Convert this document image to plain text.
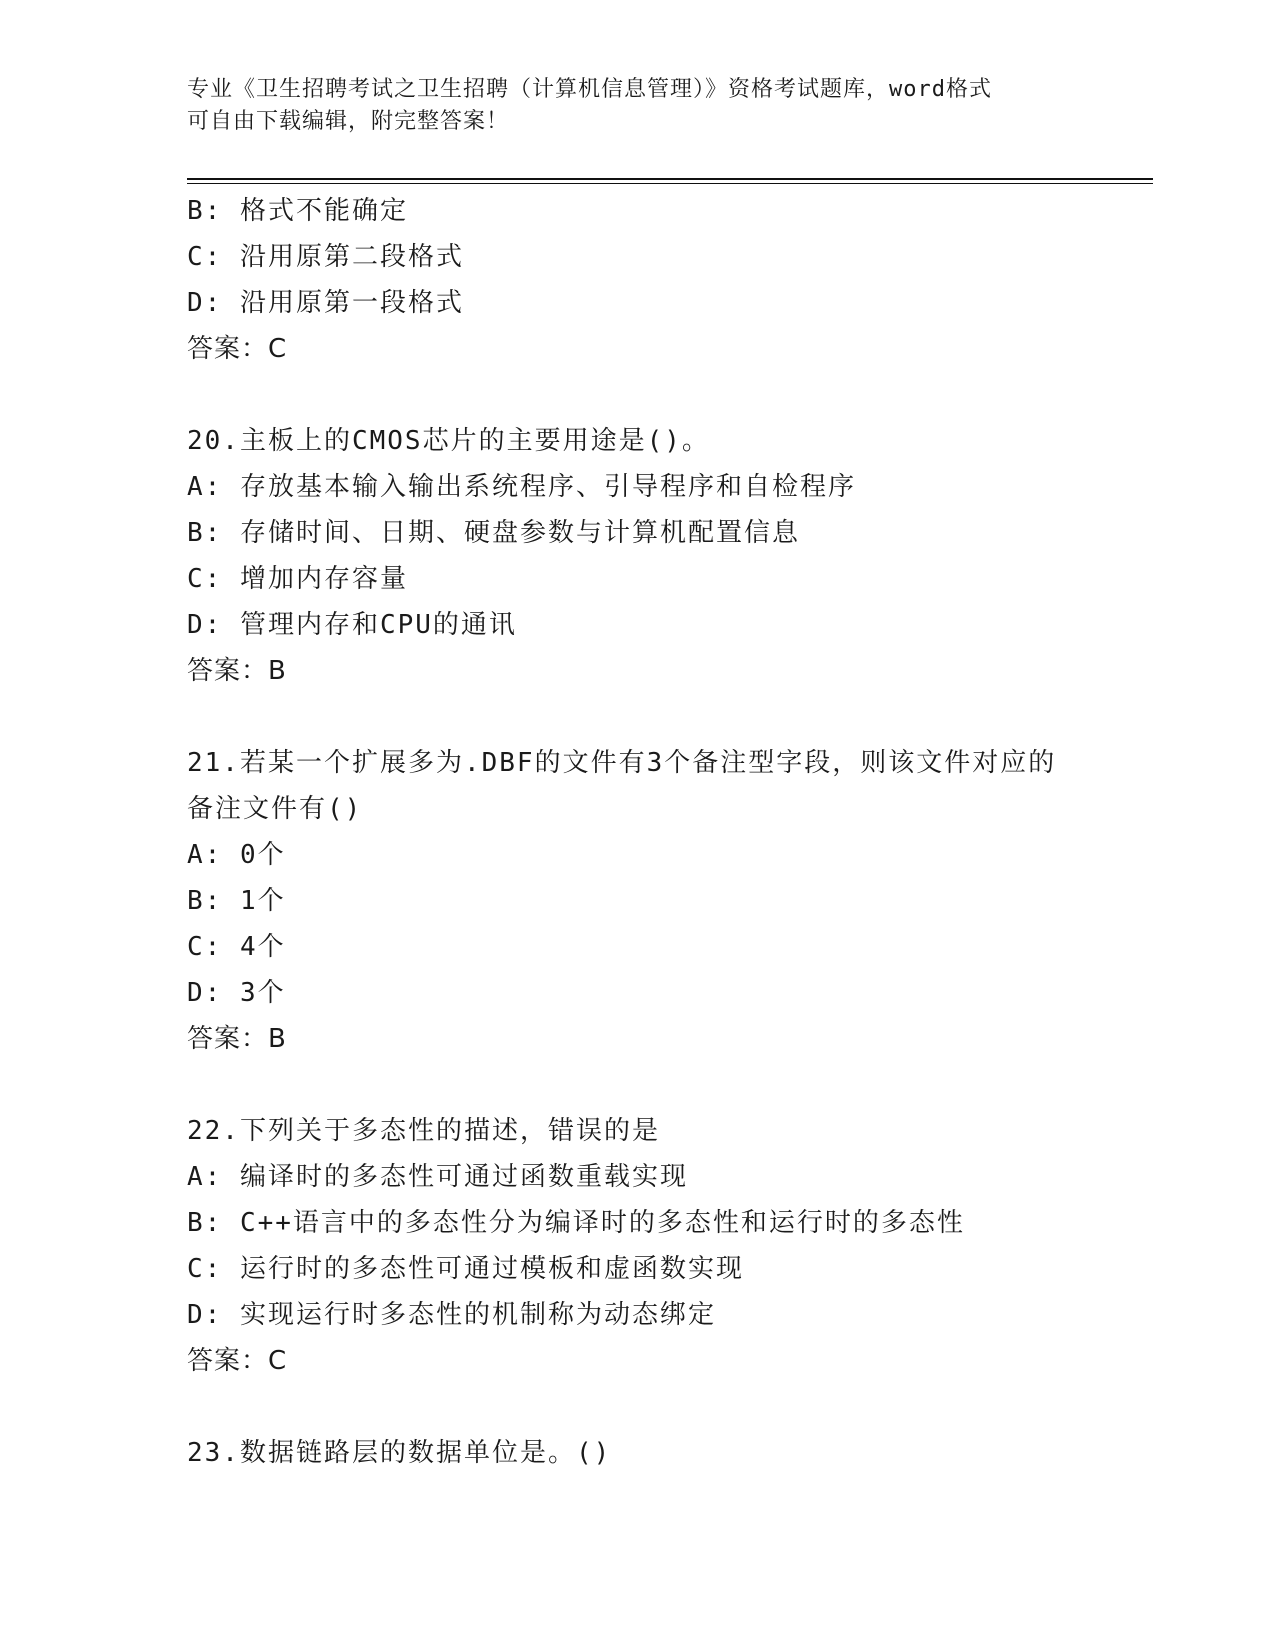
专业《卫生招聘考试之卫生招聘（计算机信息管理）》资格考试题库，word格式
可自由下载编辑，附完整答案！
B: 格式不能确定
C: 沿用原第二段格式
D: 沿用原第一段格式
答案：C
20.主板上的CMOS芯片的主要用途是()。
A: 存放基本输入输出系统程序、引导程序和自检程序
B: 存储时间、日期、硬盘参数与计算机配置信息
C: 增加内存容量
D: 管理内存和CPU的通讯
答案：B
21.若某一个扩展多为.DBF的文件有3个备注型字段，则该文件对应的
备注文件有()
A: 0个
B: 1个
C: 4个
D: 3个
答案：B
22.下列关于多态性的描述，错误的是
A: 编译时的多态性可通过函数重载实现
B: C++语言中的多态性分为编译时的多态性和运行时的多态性
C: 运行时的多态性可通过模板和虚函数实现
D: 实现运行时多态性的机制称为动态绑定
答案：C
23.数据链路层的数据单位是。()
